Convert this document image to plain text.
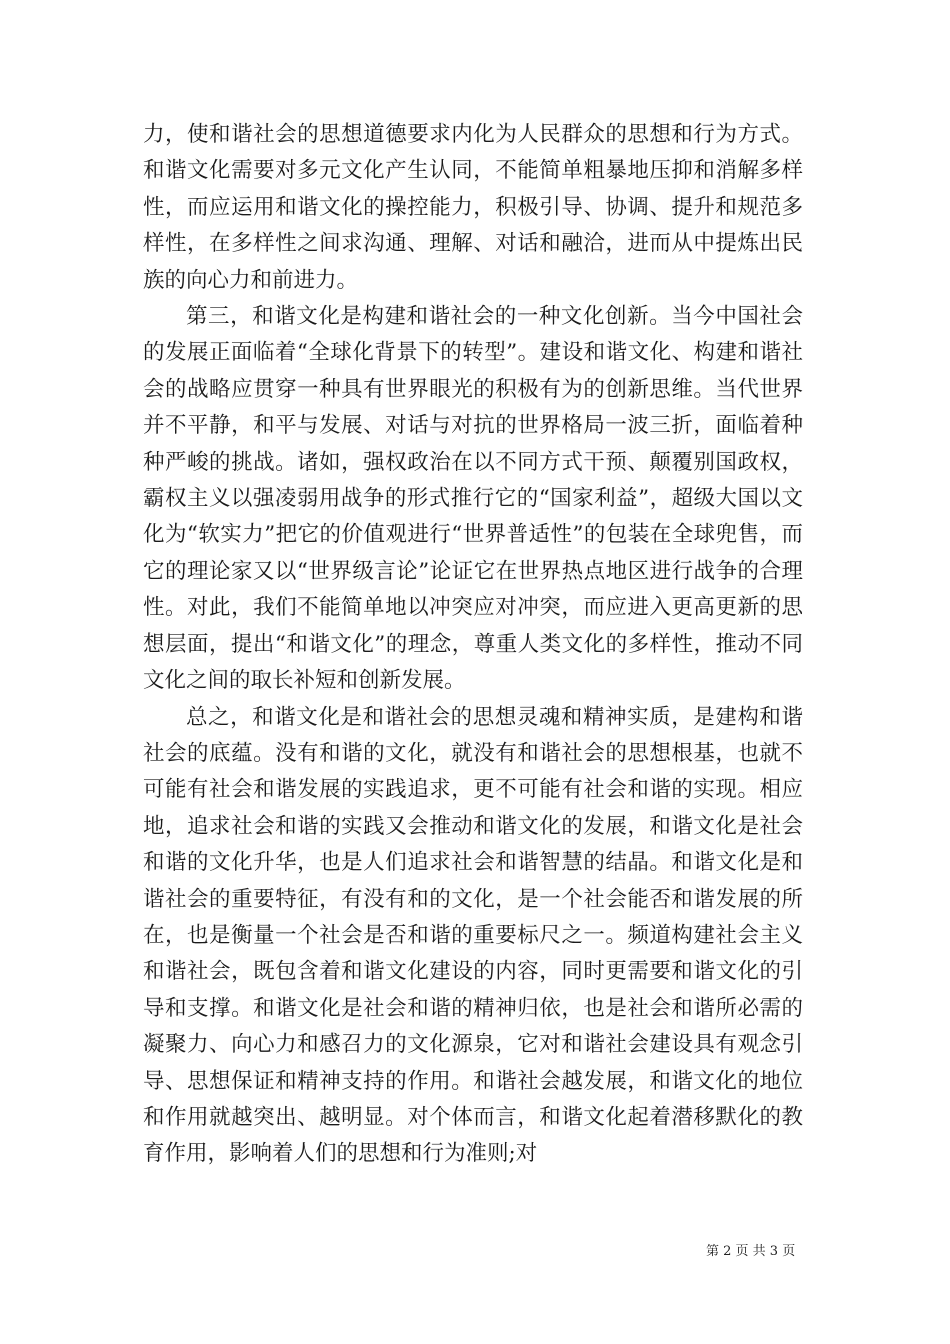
力，使和谐社会的思想道德要求内化为人民群众的思想和行为方式。和谐文化需要对多元文化产生认同，不能简单粗暴地压抑和消解多样性，而应运用和谐文化的操控能力，积极引导、协调、提升和规范多样性，在多样性之间求沟通、理解、对话和融洽，进而从中提炼出民族的向心力和前进力。

第三，和谐文化是构建和谐社会的一种文化创新。当今中国社会的发展正面临着“全球化背景下的转型”。建设和谐文化、构建和谐社会的战略应贯穿一种具有世界眼光的积极有为的创新思维。当代世界并不平静，和平与发展、对话与对抗的世界格局一波三折，面临着种种严峻的挑战。诸如，强权政治在以不同方式干预、颠覆别国政权，霸权主义以强凌弱用战争的形式推行它的“国家利益”，超级大国以文化为“软实力”把它的价值观进行“世界普适性”的包装在全球兜售，而它的理论家又以“世界级言论”论证它在世界热点地区进行战争的合理性。对此，我们不能简单地以冲突应对冲突，而应进入更高更新的思想层面，提出“和谐文化”的理念，尊重人类文化的多样性，推动不同文化之间的取长补短和创新发展。

总之，和谐文化是和谐社会的思想灵魂和精神实质，是建构和谐社会的底蕴。没有和谐的文化，就没有和谐社会的思想根基，也就不可能有社会和谐发展的实践追求，更不可能有社会和谐的实现。相应地，追求社会和谐的实践又会推动和谐文化的发展，和谐文化是社会和谐的文化升华，也是人们追求社会和谐智慧的结晶。和谐文化是和谐社会的重要特征，有没有和的文化，是一个社会能否和谐发展的所在，也是衡量一个社会是否和谐的重要标尺之一。频道构建社会主义和谐社会，既包含着和谐文化建设的内容，同时更需要和谐文化的引导和支撑。和谐文化是社会和谐的精神归依，也是社会和谐所必需的凝聚力、向心力和感召力的文化源泉，它对和谐社会建设具有观念引导、思想保证和精神支持的作用。和谐社会越发展，和谐文化的地位和作用就越突出、越明显。对个体而言，和谐文化起着潜移默化的教育作用，影响着人们的思想和行为准则;对

第 2 页 共 3 页
